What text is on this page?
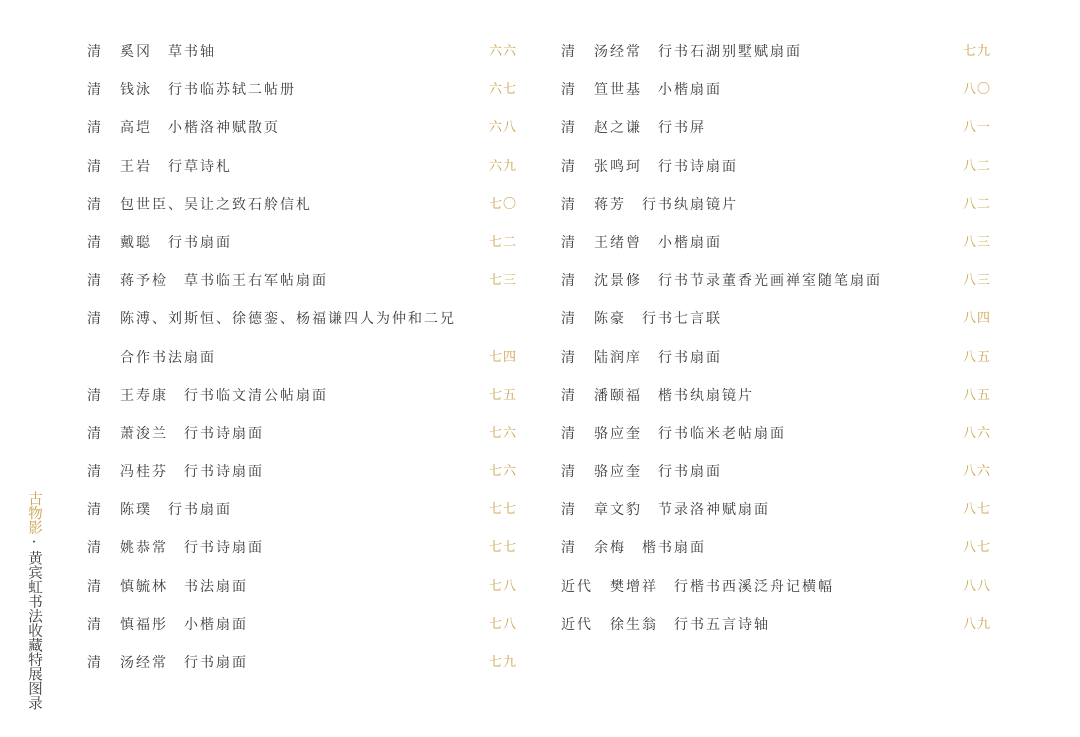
清 奚冈　草书轴	六六
清 钱泳　行书临苏轼二帖册	六七
清 高垲　小楷洛神赋散页	六八
清 王岩　行草诗札	六九
清 包世臣、吴让之致石舲信札	七〇
清 戴聪　行书扇面	七二
清 蒋予检　草书临王右军帖扇面	七三
清 陈溥、刘斯恒、徐德銮、杨福谦四人为仲和二兄
合作书法扇面	七四
清 王寿康　行书临文清公帖扇面	七五
清 萧浚兰　行书诗扇面	七六
清 冯桂芬　行书诗扇面	七六
清 陈璞　行书扇面	七七
清 姚恭常　行书诗扇面	七七
清 慎毓林　书法扇面	七八
清 慎福彤　小楷扇面	七八
清 汤经常　行书扇面	七九
清 汤经常　行书石湖别墅赋扇面	七九
清 笪世基　小楷扇面	八〇
清 赵之谦　行书屏	八一
清 张鸣珂　行书诗扇面	八二
清 蒋芳　行书纨扇镜片	八二
清 王绪曾　小楷扇面	八三
清 沈景修　行书节录董香光画禅室随笔扇面	八三
清 陈豪　行书七言联	八四
清 陆润庠　行书扇面	八五
清 潘颐福　楷书纨扇镜片	八五
清 骆应奎　行书临米老帖扇面	八六
清 骆应奎　行书扇面	八六
清 章文豹　节录洛神赋扇面	八七
清 余梅　楷书扇面	八七
近代 樊增祥　行楷书西溪泛舟记横幅	八八
近代 徐生翁　行书五言诗轴	八九
古物影·黄宾虹书法收藏特展图录
